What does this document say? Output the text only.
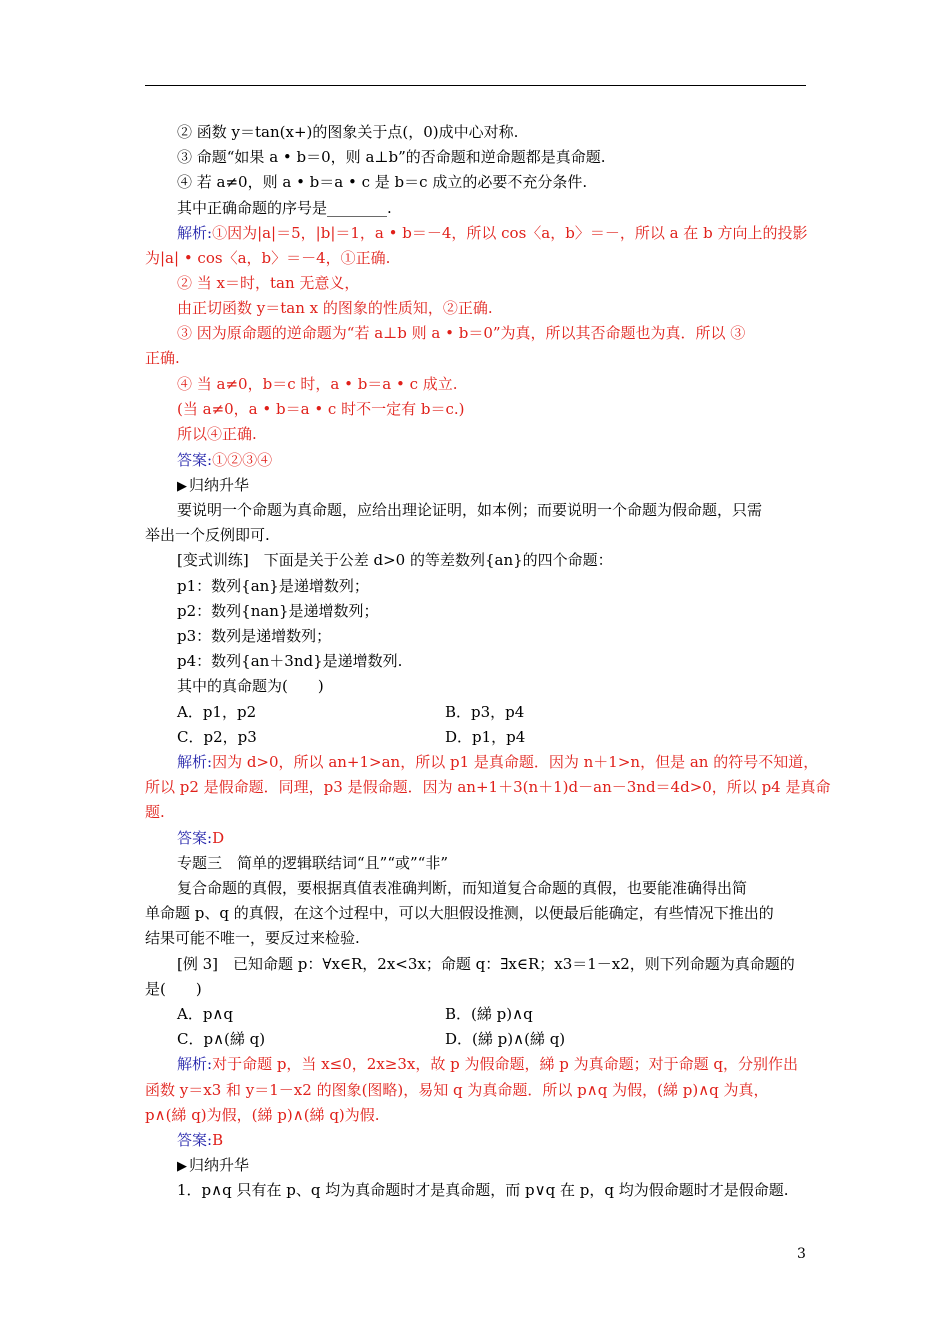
② 函数 y＝tan(x+)的图象关于点(，0)成中心对称.
③ 命题“如果 a • b＝0，则 a⊥b”的否命题和逆命题都是真命题.
④ 若 a≠0，则 a • b＝a • c 是 b＝c 成立的必要不充分条件.
其中正确命题的序号是________.
解析:①因为|a|＝5，|b|＝1，a • b＝－4，所以 cos〈a，b〉＝－，所以 a 在 b 方向上的投影
为|a| • cos〈a，b〉＝－4，①正确.
② 当 x＝时，tan 无意义，
由正切函数 y＝tan x 的图象的性质知，②正确.
③ 因为原命题的逆命题为“若 a⊥b 则 a • b＝0”为真，所以其否命题也为真．所以 ③
正确.
④ 当 a≠0，b＝c 时，a • b＝a • c 成立.
(当 a≠0，a • b＝a • c 时不一定有 b＝c.)
所以④正确.
答案:①②③④
▶ 归纳升华
要说明一个命题为真命题，应给出理论证明，如本例；而要说明一个命题为假命题，只需
举出一个反例即可.
[变式训练]　下面是关于公差 d>0 的等差数列{an}的四个命题：
p1：数列{an}是递增数列；
p2：数列{nan}是递增数列；
p3：数列是递增数列；
p4：数列{an＋3nd}是递增数列.
其中的真命题为(　　)
A．p1，p2	B．p3，p4
C．p2，p3	D．p1，p4
解析:因为 d>0，所以 an+1>an，所以 p1 是真命题．因为 n＋1>n，但是 an 的符号不知道，
所以 p2 是假命题．同理，p3 是假命题．因为 an+1＋3(n＋1)d－an－3nd＝4d>0，所以 p4 是真命
题.
答案:D
专题三　简单的逻辑联结词“且”“或”“非”
复合命题的真假，要根据真值表准确判断，而知道复合命题的真假，也要能准确得出简
单命题 p、q 的真假，在这个过程中，可以大胆假设推测，以便最后能确定，有些情况下推出的
结果可能不唯一，要反过来检验.
[例 3]　已知命题 p：∀x∈R，2x<3x；命题 q：∃x∈R；x3＝1－x2，则下列命题为真命题的
是(　　)
A．p∧q	B．(綈 p)∧q
C．p∧(綈 q)	D．(綈 p)∧(綈 q)
解析:对于命题 p，当 x≤0，2x≥3x，故 p 为假命题，綈 p 为真命题；对于命题 q，分别作出
函数 y＝x3 和 y＝1－x2 的图象(图略)，易知 q 为真命题．所以 p∧q 为假，(綈 p)∧q 为真，
p∧(綈 q)为假，(綈 p)∧(綈 q)为假.
答案:B
▶ 归纳升华
1．p∧q 只有在 p、q 均为真命题时才是真命题，而 p∨q 在 p，q 均为假命题时才是假命题.
3
